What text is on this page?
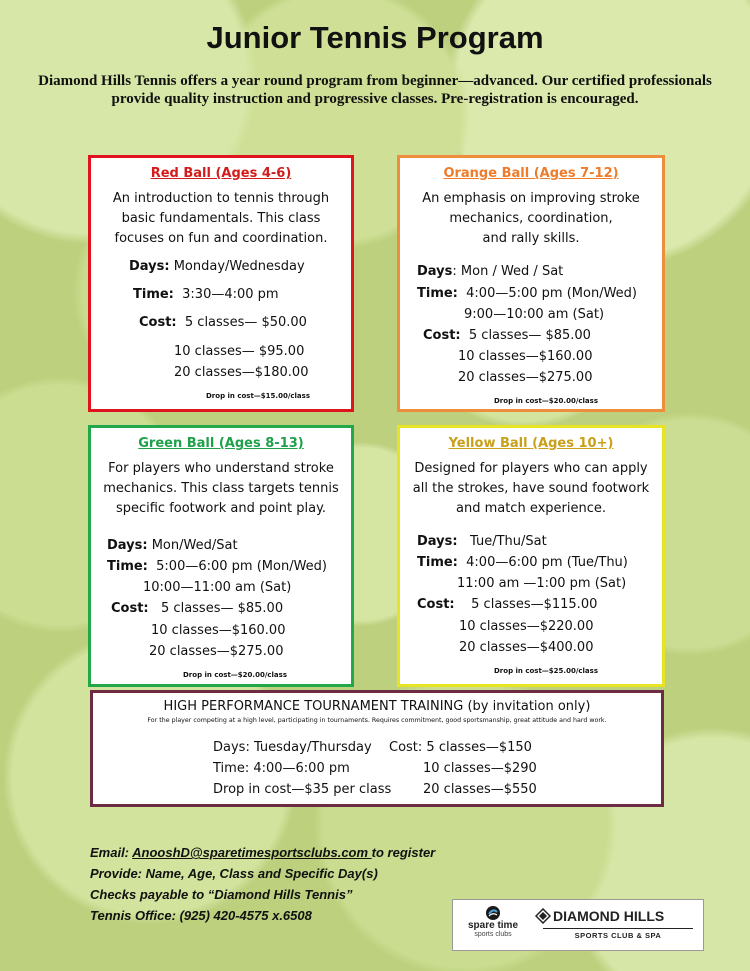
Junior Tennis Program
Diamond Hills Tennis offers a year round program from beginner—advanced. Our certified professionals provide quality instruction and progressive classes. Pre-registration is encouraged.
Red Ball (Ages 4-6)
An introduction to tennis through
basic fundamentals. This class
focuses on fun and coordination.
Days: Monday/Wednesday
Time: 3:30—4:00 pm
Cost: 5 classes— $50.00
10 classes— $95.00
20 classes—$180.00
Drop in cost—$15.00/class
Orange Ball (Ages 7-12)
An emphasis on improving stroke
mechanics, coordination,
and rally skills.
Days: Mon / Wed / Sat
Time: 4:00—5:00 pm (Mon/Wed)
9:00—10:00 am (Sat)
Cost: 5 classes— $85.00
10 classes—$160.00
20 classes—$275.00
Drop in cost—$20.00/class
Green Ball (Ages 8-13)
For players who understand stroke
mechanics. This class targets tennis
specific footwork and point play.
Days: Mon/Wed/Sat
Time: 5:00—6:00 pm (Mon/Wed)
10:00—11:00 am (Sat)
Cost: 5 classes— $85.00
10 classes—$160.00
20 classes—$275.00
Drop in cost—$20.00/class
Yellow Ball (Ages 10+)
Designed for players who can apply
all the strokes, have sound footwork
and match experience.
Days: Tue/Thu/Sat
Time: 4:00—6:00 pm (Tue/Thu)
11:00 am —1:00 pm (Sat)
Cost: 5 classes—$115.00
10 classes—$220.00
20 classes—$400.00
Drop in cost—$25.00/class
HIGH PERFORMANCE TOURNAMENT TRAINING (by invitation only)
For the player competing at a high level, participating in tournaments. Requires commitment, good sportsmanship, great attitude and hard work.
Days: Tuesday/Thursday
Time: 4:00—6:00 pm
Drop in cost—$35 per class
Cost: 5 classes—$150
10 classes—$290
20 classes—$550
Email: AnooshD@sparetimesportsclubs.com to register
Provide: Name, Age, Class and Specific Day(s)
Checks payable to “Diamond Hills Tennis”
Tennis Office: (925) 420-4575 x.6508
spare time
sports clubs
DIAMOND HILLS
SPORTS CLUB & SPA
